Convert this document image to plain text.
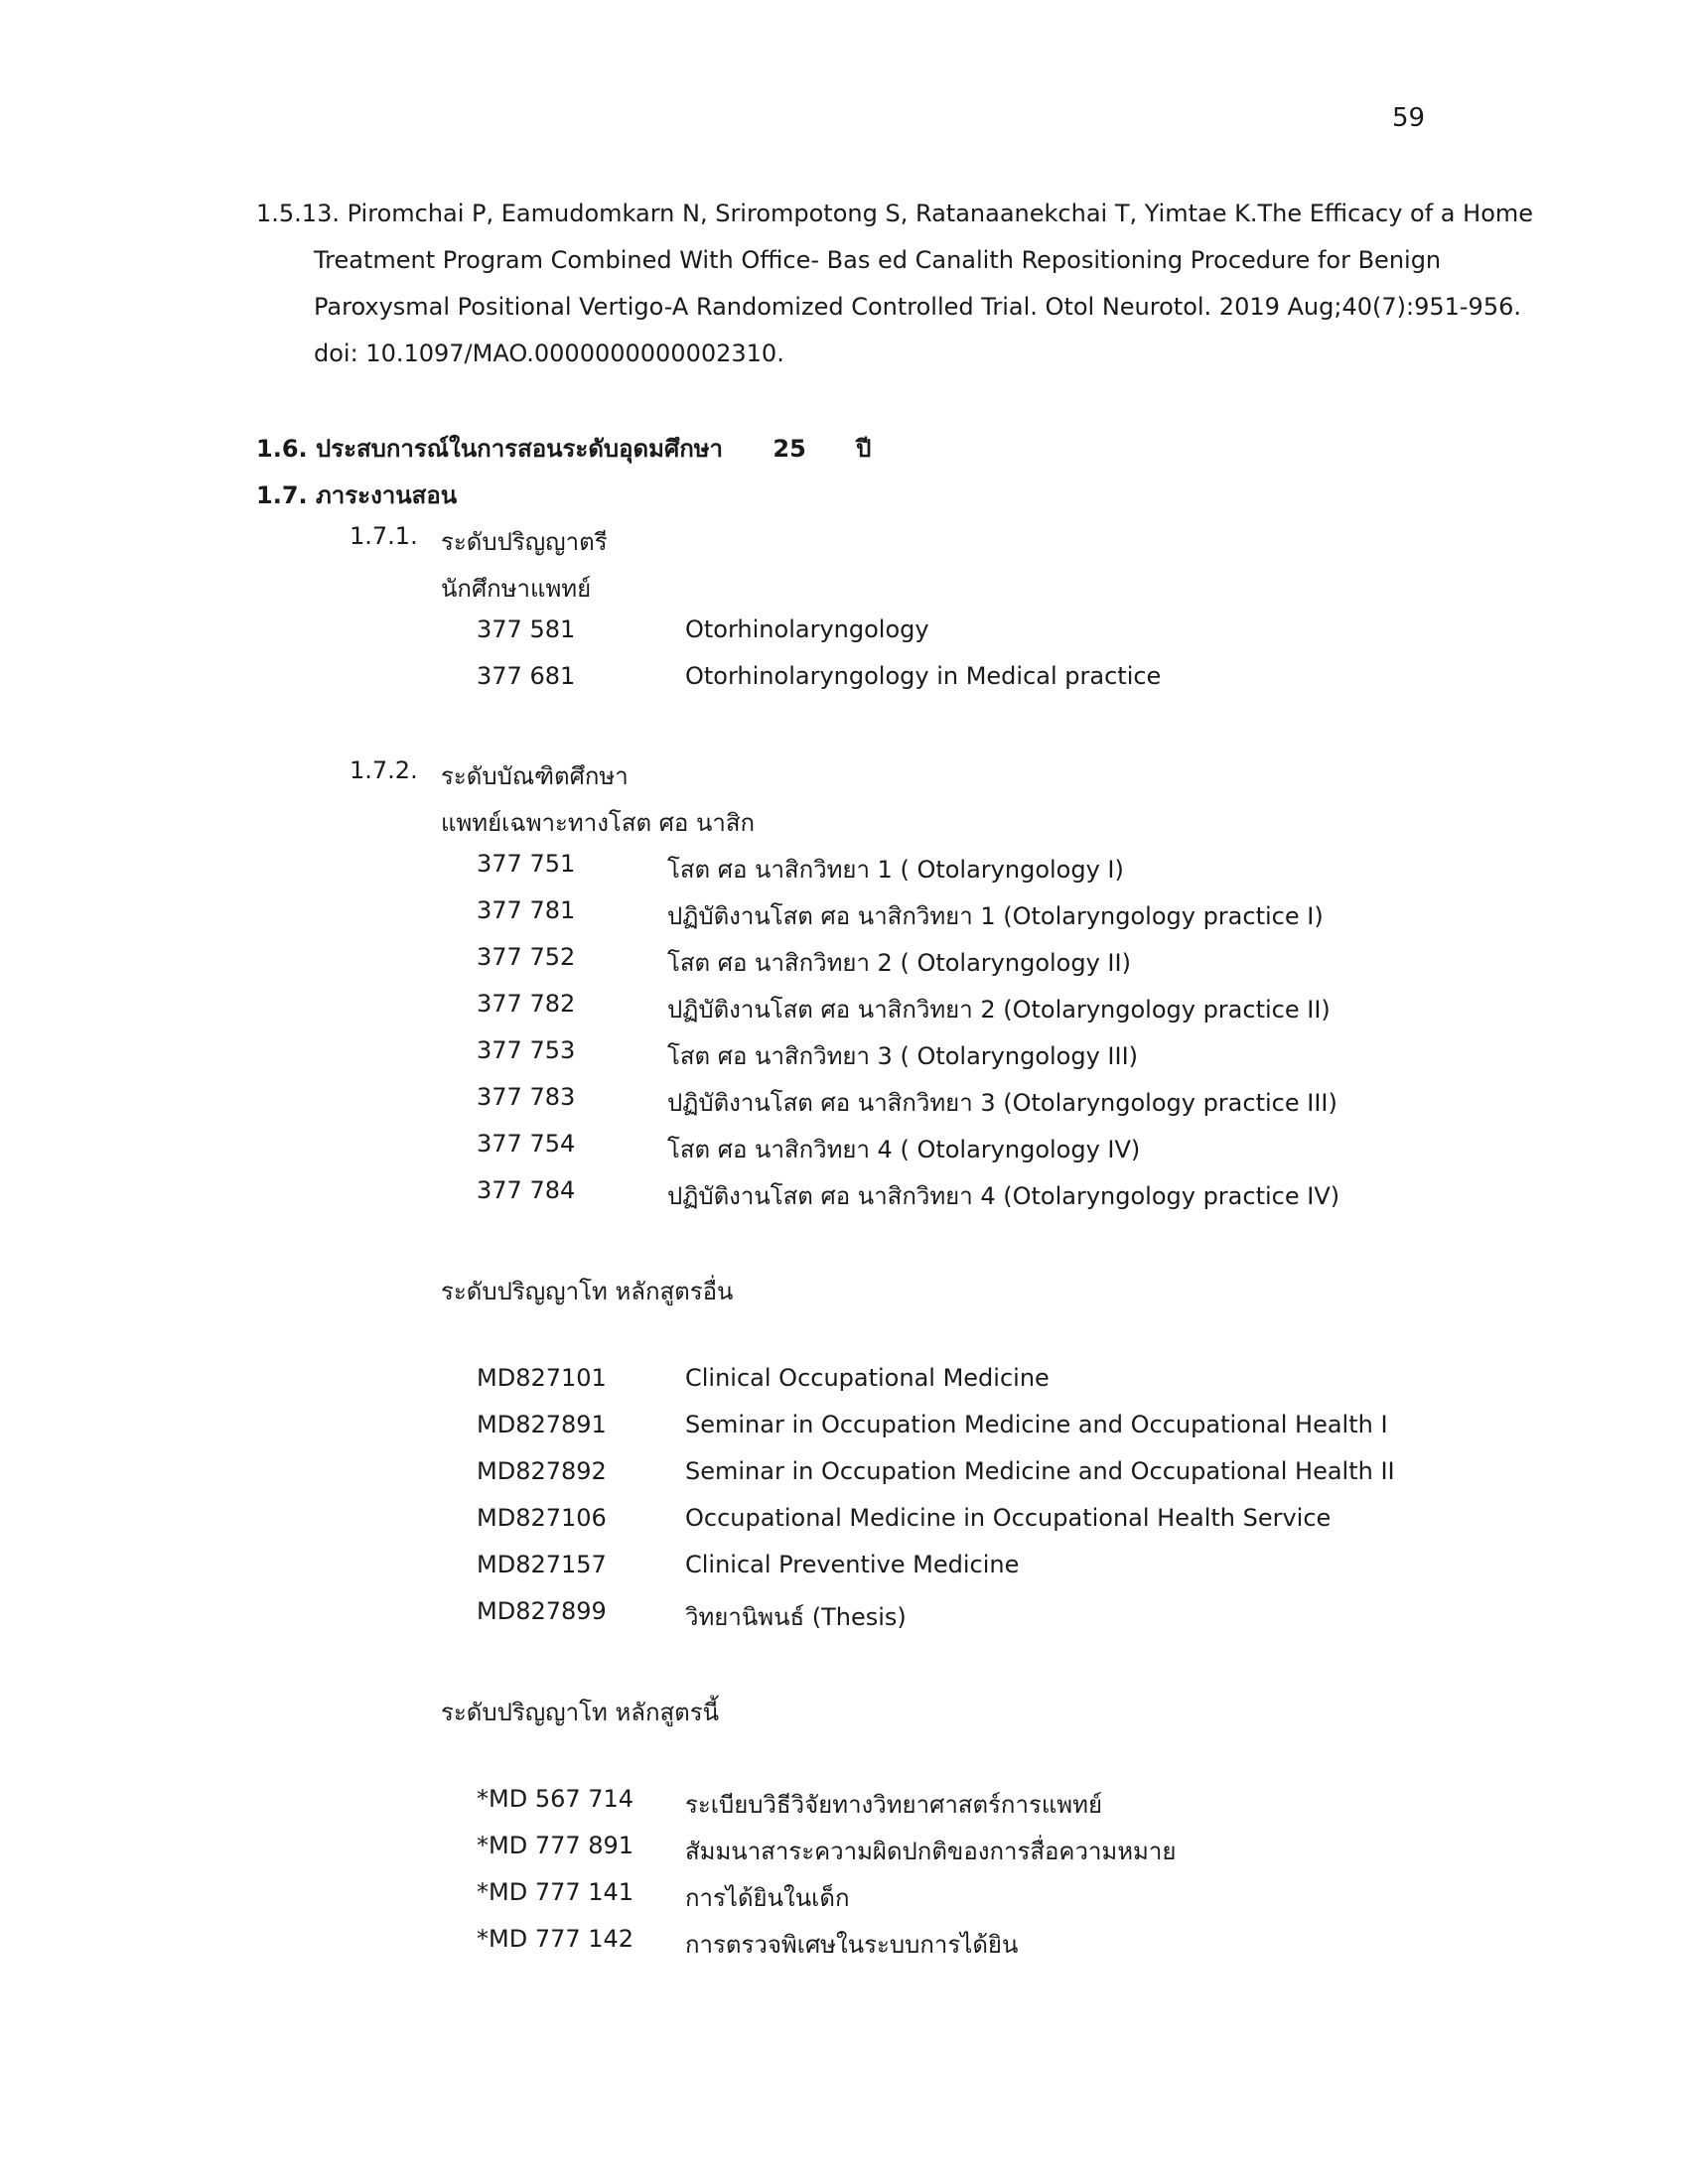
59
1.5.13. Piromchai P, Eamudomkarn N, Srirompotong S, Ratanaanekchai T, Yimtae K.The Efficacy of a Home
Treatment Program Combined With Office- Bas ed Canalith Repositioning Procedure for Benign
Paroxysmal Positional Vertigo-A Randomized Controlled Trial. Otol Neurotol. 2019 Aug;40(7):951-956.
doi: 10.1097/MAO.0000000000002310.
1.6. ประสบการณ์ในการสอนระดับอุดมศึกษา 25 ปี
1.7. ภาระงานสอน
1.7.1. ระดับปริญญาตรี
นักศึกษาแพทย์
377 581	Otorhinolaryngology
377 681	Otorhinolaryngology in Medical practice
1.7.2. ระดับบัณฑิตศึกษา
แพทย์เฉพาะทางโสต ศอ นาสิก
377 751	โสต ศอ นาสิกวิทยา 1 ( Otolaryngology I)
377 781	ปฏิบัติงานโสต ศอ นาสิกวิทยา 1 (Otolaryngology practice I)
377 752	โสต ศอ นาสิกวิทยา 2 ( Otolaryngology II)
377 782	ปฏิบัติงานโสต ศอ นาสิกวิทยา 2 (Otolaryngology practice II)
377 753	โสต ศอ นาสิกวิทยา 3 ( Otolaryngology III)
377 783	ปฏิบัติงานโสต ศอ นาสิกวิทยา 3 (Otolaryngology practice III)
377 754	โสต ศอ นาสิกวิทยา 4 ( Otolaryngology IV)
377 784	ปฏิบัติงานโสต ศอ นาสิกวิทยา 4 (Otolaryngology practice IV)
ระดับปริญญาโท หลักสูตรอื่น
MD827101	Clinical Occupational Medicine
MD827891	Seminar in Occupation Medicine and Occupational Health I
MD827892	Seminar in Occupation Medicine and Occupational Health II
MD827106	Occupational Medicine in Occupational Health Service
MD827157	Clinical Preventive Medicine
MD827899	วิทยานิพนธ์ (Thesis)
ระดับปริญญาโท หลักสูตรนี้
*MD 567 714 ระเบียบวิธีวิจัยทางวิทยาศาสตร์การแพทย์
*MD 777 891 สัมมนาสาระความผิดปกติของการสื่อความหมาย
*MD 777 141 การได้ยินในเด็ก
*MD 777 142 การตรวจพิเศษในระบบการได้ยิน
